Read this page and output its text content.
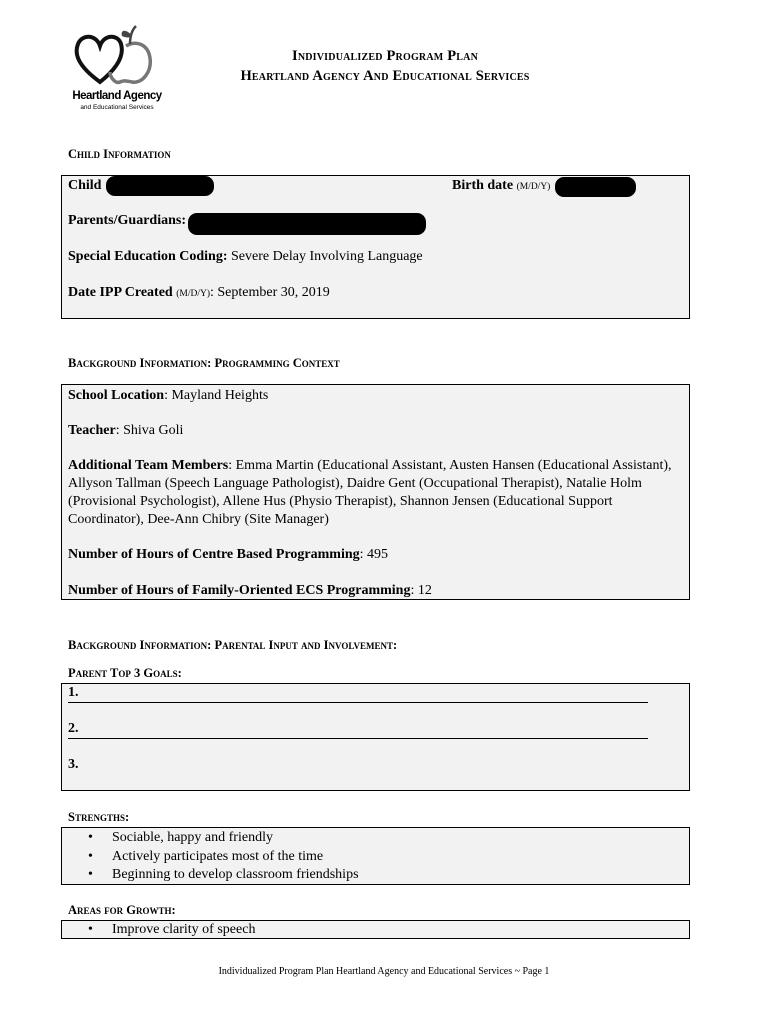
Heartland Agency
and Educational Services
Individualized Program Plan
Heartland Agency And Educational Services
Child Information
Child	Birth date (M/D/Y)
Parents/Guardians:
Special Education Coding: Severe Delay Involving Language
Date IPP Created (M/D/Y): September 30, 2019
Background Information: Programming Context
School Location: Mayland Heights
Teacher: Shiva Goli
Additional Team Members: Emma Martin (Educational Assistant, Austen Hansen (Educational Assistant), Allyson Tallman (Speech Language Pathologist), Daidre Gent (Occupational Therapist), Natalie Holm (Provisional Psychologist), Allene Hus (Physio Therapist), Shannon Jensen (Educational Support Coordinator), Dee-Ann Chibry (Site Manager)
Number of Hours of Centre Based Programming: 495
Number of Hours of Family-Oriented ECS Programming: 12
Background Information: Parental Input and Involvement:
Parent Top 3 Goals:
1.
2.
3.
Strengths:
• Sociable, happy and friendly
• Actively participates most of the time
• Beginning to develop classroom friendships
Areas for Growth:
• Improve clarity of speech
Individualized Program Plan Heartland Agency and Educational Services ~ Page 1
